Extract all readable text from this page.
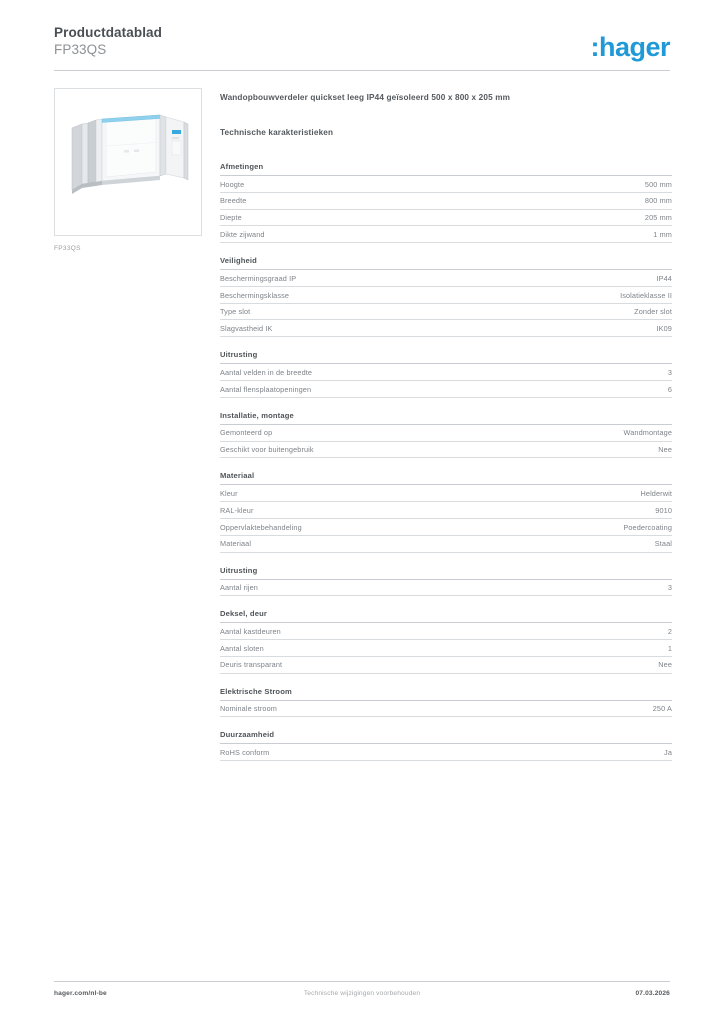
Productdatablad
FP33QS	:hager
FP33QS
Wandopbouwverdeler quickset leeg IP44 geïsoleerd 500 x 800 x 205 mm
Technische karakteristieken
Afmetingen
Hoogte	500 mm
Breedte	800 mm
Diepte	205 mm
Dikte zijwand	1 mm
Veiligheid
Beschermingsgraad IP	IP44
Beschermingsklasse	Isolatieklasse II
Type slot	Zonder slot
Slagvastheid IK	IK09
Uitrusting
Aantal velden in de breedte	3
Aantal flensplaatopeningen	6
Installatie, montage
Gemonteerd op	Wandmontage
Geschikt voor buitengebruik	Nee
Materiaal
Kleur	Helderwit
RAL-kleur	9010
Oppervlaktebehandeling	Poedercoating
Materiaal	Staal
Uitrusting
Aantal rijen	3
Deksel, deur
Aantal kastdeuren	2
Aantal sloten	1
Deuris transparant	Nee
Elektrische Stroom
Nominale stroom	250 A
Duurzaamheid
RoHS conform	Ja
hager.com/nl-be	Technische wijzigingen voorbehouden	07.03.2026
